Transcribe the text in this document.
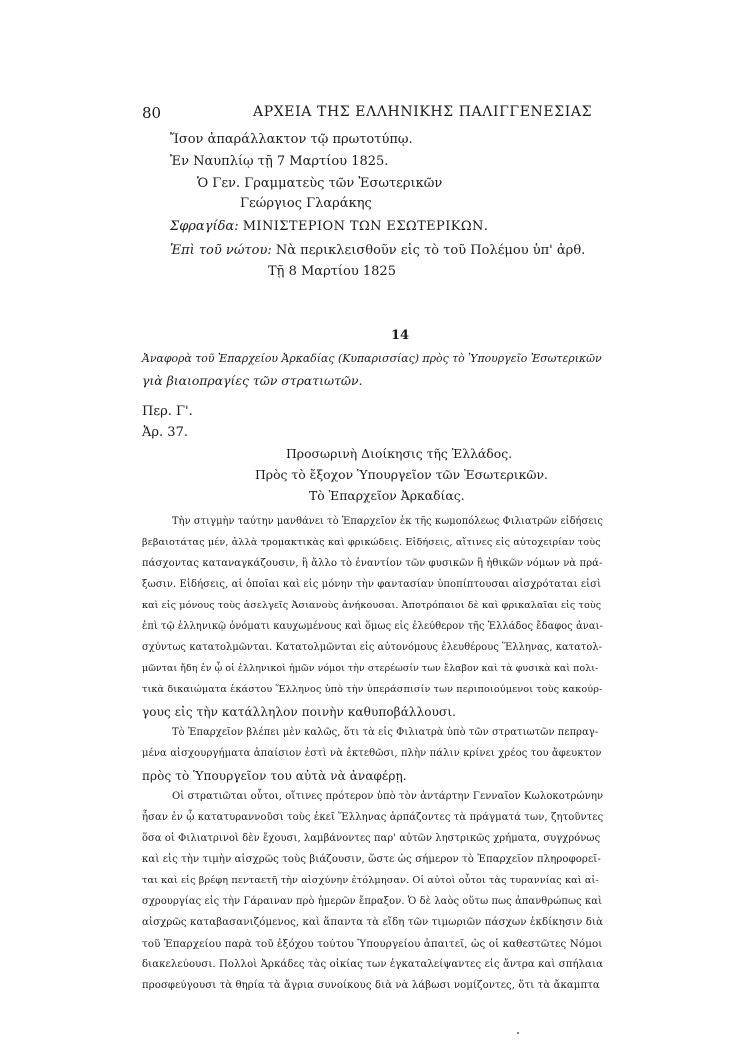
80	ΑΡΧΕΙΑ ΤΗΣ ΕΛΛΗΝΙΚΗΣ ΠΑΛΙΓΓΕΝΕΣΙΑΣ
Ἴσον ἀπαράλλακτον τῷ πρωτοτύπῳ.
Ἐν Ναυπλίῳ τῇ 7 Μαρτίου 1825.
Ὁ Γεν. Γραμματεὺς τῶν Ἐσωτερικῶν
Γεώργιος Γλαράκης
Σφραγίδα: ΜΙΝΙΣΤΕΡΙΟΝ ΤΩΝ ΕΣΩΤΕΡΙΚΩΝ.
Ἐπὶ τοῦ νώτου: Νὰ περικλεισθοῦν εἰς τὸ τοῦ Πολέμου ὑπ' ἀρθ.
Τῇ 8 Μαρτίου 1825
14
Ἀναφορὰ τοῦ Ἐπαρχείου Ἀρκαδίας (Κυπαρισσίας) πρὸς τὸ Ὑπουργεῖο Ἐσωτερικῶν
γιὰ βιαιοπραγίες τῶν στρατιωτῶν.
Περ. Γ'.
Ἀρ. 37.
Προσωρινὴ Διοίκησις τῆς Ἑλλάδος.
Πρὸς τὸ ἔξοχον Ὑπουργεῖον τῶν Ἐσωτερικῶν.
Τὸ Ἐπαρχεῖον Ἀρκαδίας.
Τὴν στιγμὴν ταύτην μανθάνει τὸ Ἐπαρχεῖον ἐκ τῆς κωμοπόλεως Φιλιατρῶν εἰδήσεις
βεβαιοτάτας μέν, ἀλλὰ τρομακτικὰς καὶ φρικώδεις. Εἰδήσεις, αἵτινες εἰς αὐτοχειρίαν τοὺς
πάσχοντας καταναγκάζουσιν, ἢ ἄλλο τὸ ἐναντίον τῶν φυσικῶν ἢ ἠθικῶν νόμων νὰ πρά-
ξωσιν. Εἰδήσεις, αἱ ὁποῖαι καὶ εἰς μόνην τὴν φαντασίαν ὑποπίπτουσαι αἰσχρόταται εἰσὶ
καὶ εἰς μόνους τοὺς ἀσελγεῖς Ἀσιανοὺς ἀνήκουσαι. Ἀποτρόπαιοι δὲ καὶ φρικαλαῖαι εἰς τοὺς
ἐπὶ τῷ ἑλληνικῷ ὀνόματι καυχωμένους καὶ ὅμως εἰς ἐλεύθερον τῆς Ἑλλάδος ἔδαφος ἀναι-
σχύντως κατατολμῶνται. Κατατολμῶνται εἰς αὐτονόμους ἐλευθέρους Ἕλληνας, κατατολ-
μῶνται ἤδη ἐν ᾧ οἱ ἑλληνικοὶ ἡμῶν νόμοι τὴν στερέωσίν των ἔλαβον καὶ τὰ φυσικὰ καὶ πολι-
τικὰ δικαιώματα ἑκάστου Ἕλληνος ὑπὸ τὴν ὑπεράσπισίν των περιποιούμενοι τοὺς κακούρ-
γους εἰς τὴν κατάλληλον ποινὴν καθυποβάλλουσι.
Τὸ Ἐπαρχεῖον βλέπει μὲν καλῶς, ὅτι τὰ εἰς Φιλιατρὰ ὑπὸ τῶν στρατιωτῶν πεπραγ-
μένα αἰσχουργήματα ἀπαίσιον ἐστὶ νὰ ἐκτεθῶσι, πλὴν πάλιν κρίνει χρέος του ἄφευκτον
πρὸς τὸ Ὑπουργεῖον του αὐτὰ νὰ ἀναφέρῃ.
Οἱ στρατιῶται οὗτοι, οἵτινες πρότερον ὑπὸ τὸν ἀντάρτην Γενναῖον Κωλοκοτρώνην
ἦσαν ἐν ᾧ κατατυραννοῦσι τοὺς ἐκεῖ Ἕλληνας ἁρπάζοντες τὰ πράγματά των, ζητοῦντες
ὅσα οἱ Φιλιατρινοὶ δὲν ἔχουσι, λαμβάνοντες παρ' αὐτῶν ληστρικῶς χρήματα, συγχρόνως
καὶ εἰς τὴν τιμὴν αἰσχρῶς τοὺς βιάζουσιν, ὥστε ὡς σήμερον τὸ Ἐπαρχεῖον πληροφορεῖ-
ται καὶ εἰς βρέφη πενταετῆ τὴν αἰσχύνην ἐτόλμησαν. Οἱ αὐτοὶ οὗτοι τὰς τυραννίας καὶ αἰ-
σχρουργίας εἰς τὴν Γάραιναν πρὸ ἡμερῶν ἔπραξον. Ὁ δὲ λαὸς οὕτω πως ἀπανθρώπως καὶ
αἰσχρῶς καταβασανιζόμενος, καὶ ἅπαντα τὰ εἴδη τῶν τιμωριῶν πάσχων ἐκδίκησιν διὰ
τοῦ Ἐπαρχείου παρὰ τοῦ ἐξόχου τούτου Ὑπουργείου ἀπαιτεῖ, ὡς οἱ καθεστῶτες Νόμοι
διακελεύουσι. Πολλοὶ Ἀρκάδες τὰς οἰκίας των ἐγκαταλείψαντες εἰς ἄντρα καὶ σπήλαια
προσφεύγουσι τὰ θηρία τὰ ἄγρια συνοίκους διὰ νὰ λάβωσι νομίζοντες, ὅτι τὰ ἄκαμπτα
